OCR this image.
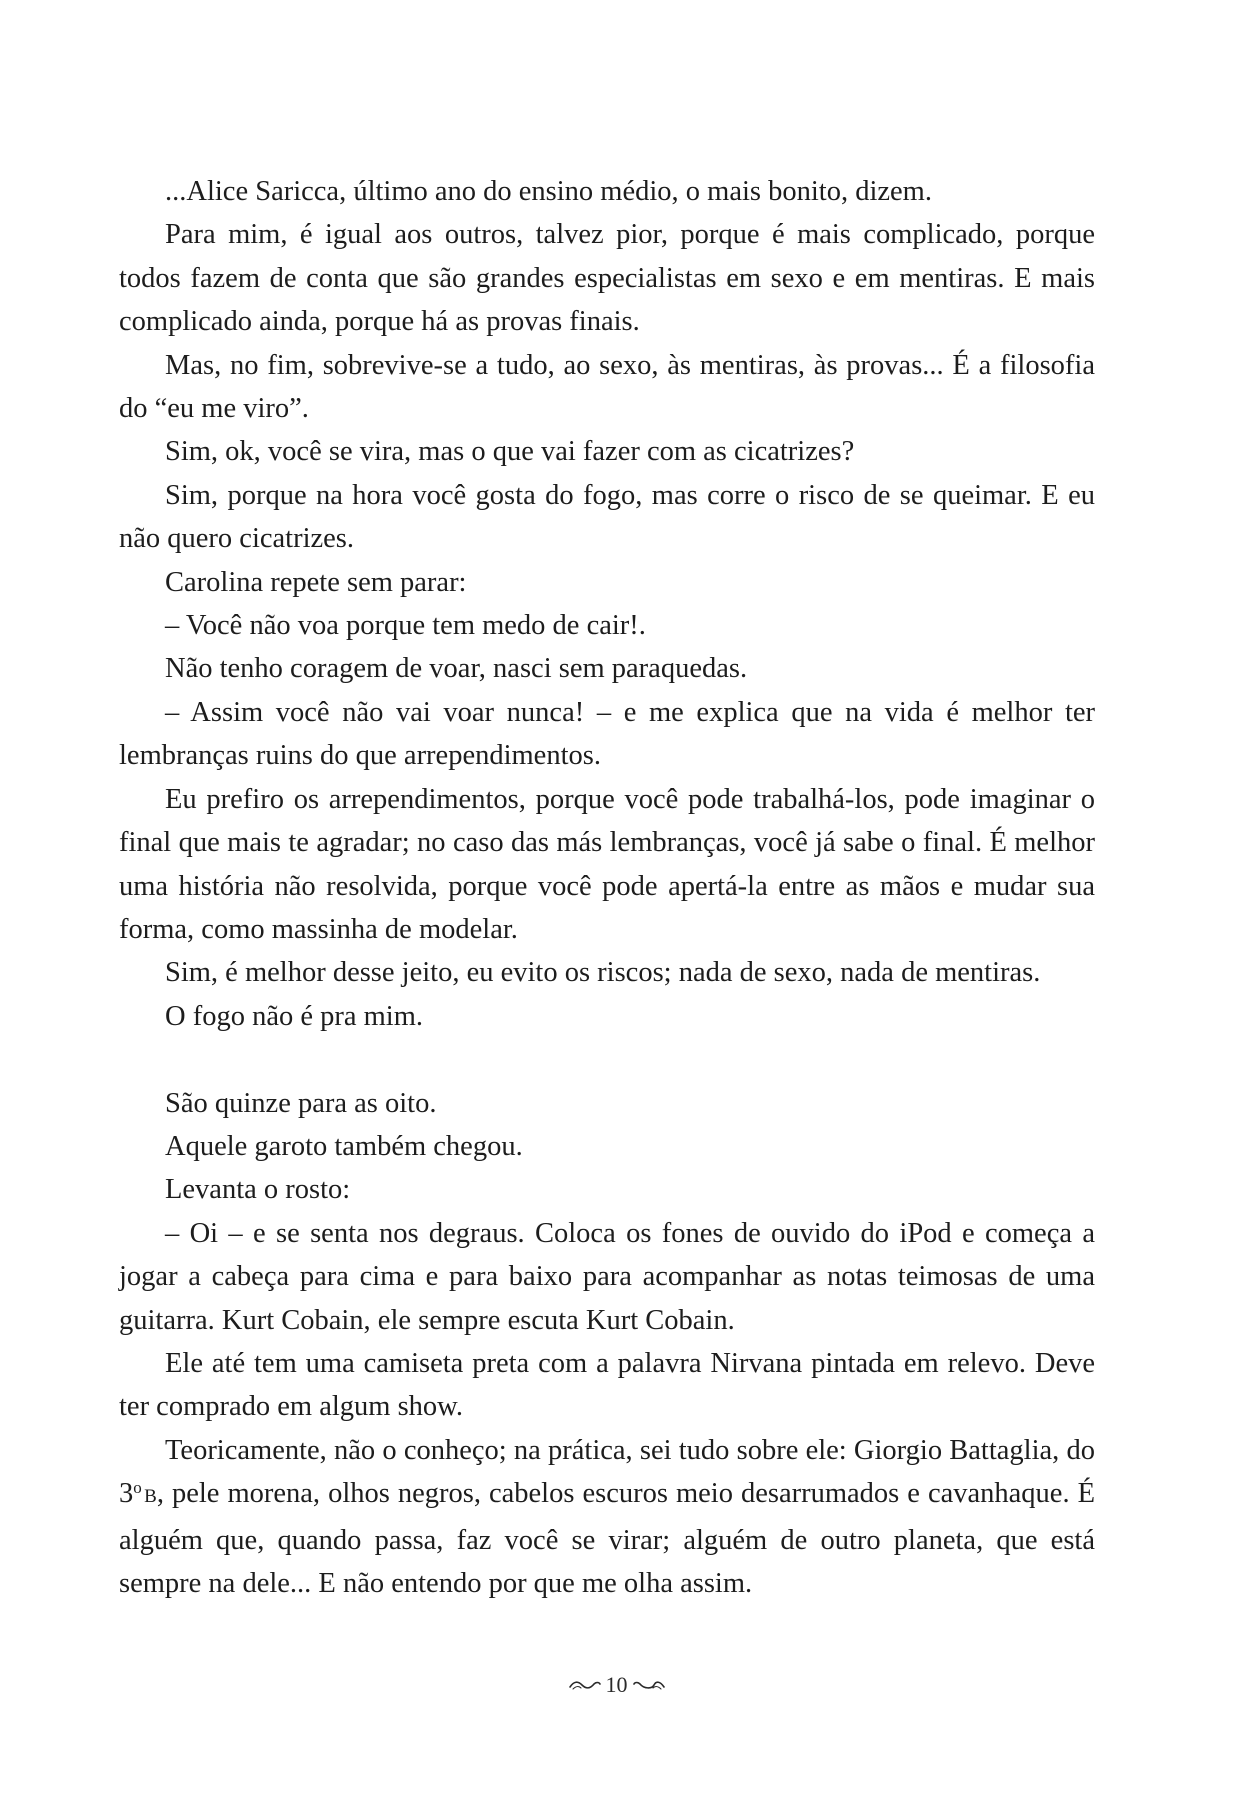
...Alice Saricca, último ano do ensino médio, o mais bonito, dizem.

Para mim, é igual aos outros, talvez pior, porque é mais complicado, porque todos fazem de conta que são grandes especialistas em sexo e em mentiras. E mais complicado ainda, porque há as provas finais.

Mas, no fim, sobrevive-se a tudo, ao sexo, às mentiras, às provas... É a filosofia do “eu me viro”.

Sim, ok, você se vira, mas o que vai fazer com as cicatrizes?

Sim, porque na hora você gosta do fogo, mas corre o risco de se queimar. E eu não quero cicatrizes.

Carolina repete sem parar:

– Você não voa porque tem medo de cair!.

Não tenho coragem de voar, nasci sem paraquedas.

– Assim você não vai voar nunca! – e me explica que na vida é melhor ter lembranças ruins do que arrependimentos.

Eu prefiro os arrependimentos, porque você pode trabalhá-los, pode imaginar o final que mais te agradar; no caso das más lembranças, você já sabe o final. É melhor uma história não resolvida, porque você pode apertá-la entre as mãos e mudar sua forma, como massinha de modelar.

Sim, é melhor desse jeito, eu evito os riscos; nada de sexo, nada de mentiras.

O fogo não é pra mim.

São quinze para as oito.

Aquele garoto também chegou.

Levanta o rosto:

– Oi – e se senta nos degraus. Coloca os fones de ouvido do iPod e começa a jogar a cabeça para cima e para baixo para acompanhar as notas teimosas de uma guitarra. Kurt Cobain, ele sempre escuta Kurt Cobain.

Ele até tem uma camiseta preta com a palavra Nirvana pintada em relevo. Deve ter comprado em algum show.

Teoricamente, não o conheço; na prática, sei tudo sobre ele: Giorgio Battaglia, do 3$^o$  B, pele morena, olhos negros, cabelos escuros meio desarrumados e cavanhaque. É alguém que, quando passa, faz você se virar; alguém de outro planeta, que está sempre na dele... E não entendo por que me olha assim.

10
